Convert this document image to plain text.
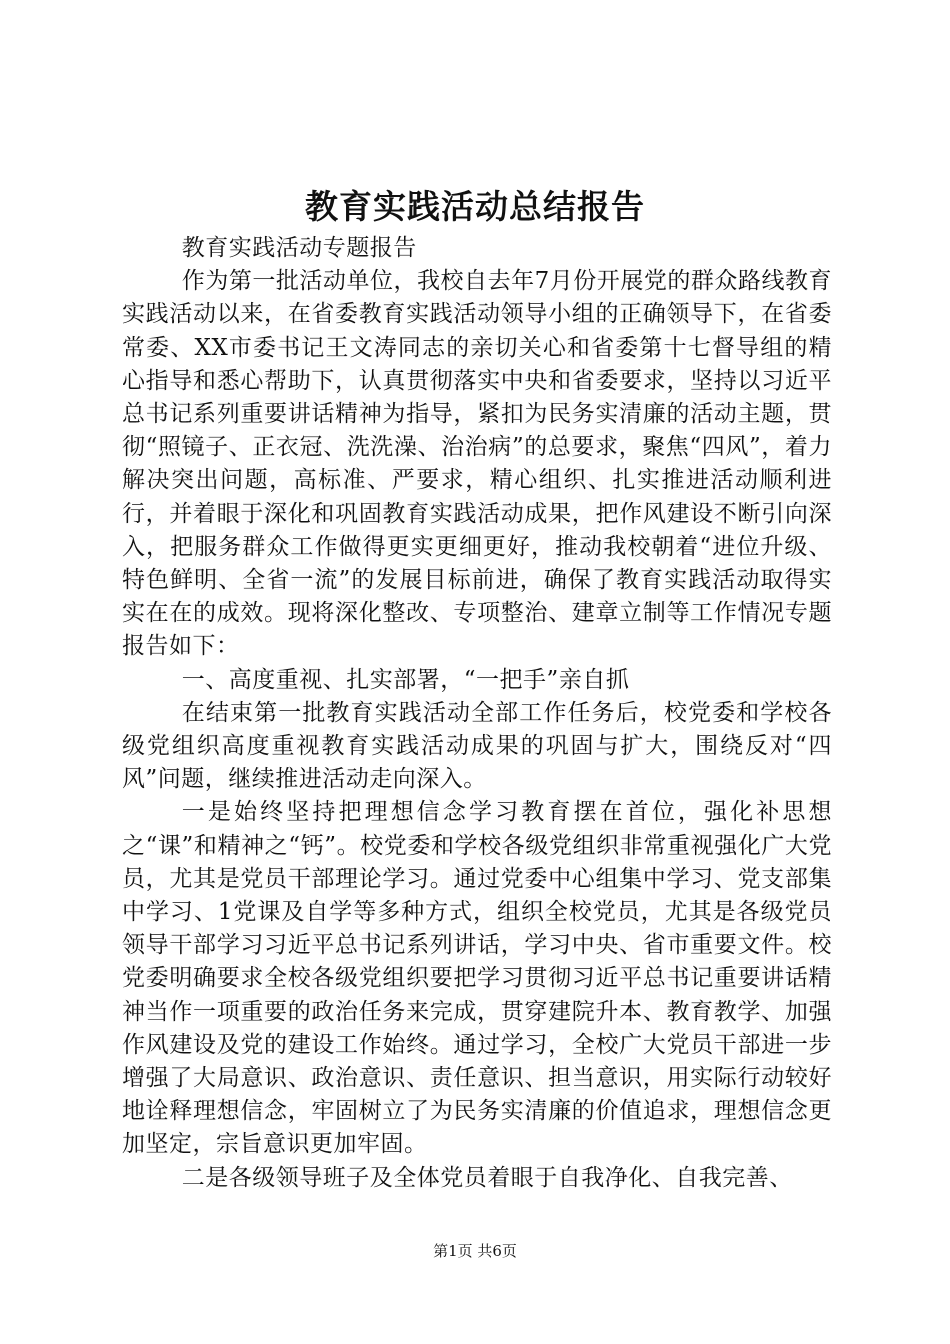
教育实践活动总结报告

教育实践活动专题报告

作为第一批活动单位，我校自去年7月份开展党的群众路线教育实践活动以来，在省委教育实践活动领导小组的正确领导下，在省委常委、XX市委书记王文涛同志的亲切关心和省委第十七督导组的精心指导和悉心帮助下，认真贯彻落实中央和省委要求，坚持以习近平总书记系列重要讲话精神为指导，紧扣为民务实清廉的活动主题，贯彻“照镜子、正衣冠、洗洗澡、治治病”的总要求，聚焦“四风”，着力解决突出问题，高标准、严要求，精心组织、扎实推进活动顺利进行，并着眼于深化和巩固教育实践活动成果，把作风建设不断引向深入，把服务群众工作做得更实更细更好，推动我校朝着“进位升级、特色鲜明、全省一流”的发展目标前进，确保了教育实践活动取得实实在在的成效。现将深化整改、专项整治、建章立制等工作情况专题报告如下：

一、高度重视、扎实部署，“一把手”亲自抓

在结束第一批教育实践活动全部工作任务后，校党委和学校各级党组织高度重视教育实践活动成果的巩固与扩大，围绕反对“四风”问题，继续推进活动走向深入。

一是始终坚持把理想信念学习教育摆在首位，强化补思想之“课”和精神之“钙”。校党委和学校各级党组织非常重视强化广大党员，尤其是党员干部理论学习。通过党委中心组集中学习、党支部集中学习、1党课及自学等多种方式，组织全校党员，尤其是各级党员领导干部学习习近平总书记系列讲话，学习中央、省市重要文件。校党委明确要求全校各级党组织要把学习贯彻习近平总书记重要讲话精神当作一项重要的政治任务来完成，贯穿建院升本、教育教学、加强作风建设及党的建设工作始终。通过学习，全校广大党员干部进一步增强了大局意识、政治意识、责任意识、担当意识，用实际行动较好地诠释理想信念，牢固树立了为民务实清廉的价值追求，理想信念更加坚定，宗旨意识更加牢固。

二是各级领导班子及全体党员着眼于自我净化、自我完善、

第1页 共6页
